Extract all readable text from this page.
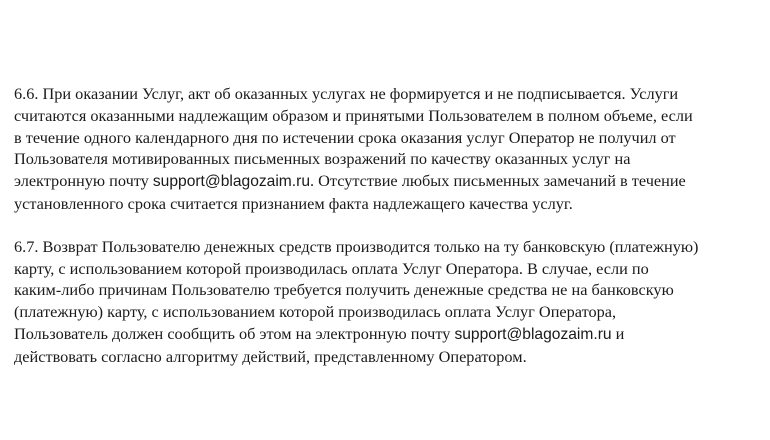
6.6. При оказании Услуг, акт об оказанных услугах не формируется и не подписывается. Услуги
считаются оказанными надлежащим образом и принятыми Пользователем в полном объеме, если
в течение одного календарного дня по истечении срока оказания услуг Оператор не получил от
Пользователя мотивированных письменных возражений по качеству оказанных услуг на
электронную почту support@blagozaim.ru. Отсутствие любых письменных замечаний в течение
установленного срока считается признанием факта надлежащего качества услуг.

6.7. Возврат Пользователю денежных средств производится только на ту банковскую (платежную)
карту, с использованием которой производилась оплата Услуг Оператора. В случае, если по
каким-либо причинам Пользователю требуется получить денежные средства не на банковскую
(платежную) карту, с использованием которой производилась оплата Услуг Оператора,
Пользователь должен сообщить об этом на электронную почту support@blagozaim.ru и
действовать согласно алгоритму действий, представленному Оператором.
